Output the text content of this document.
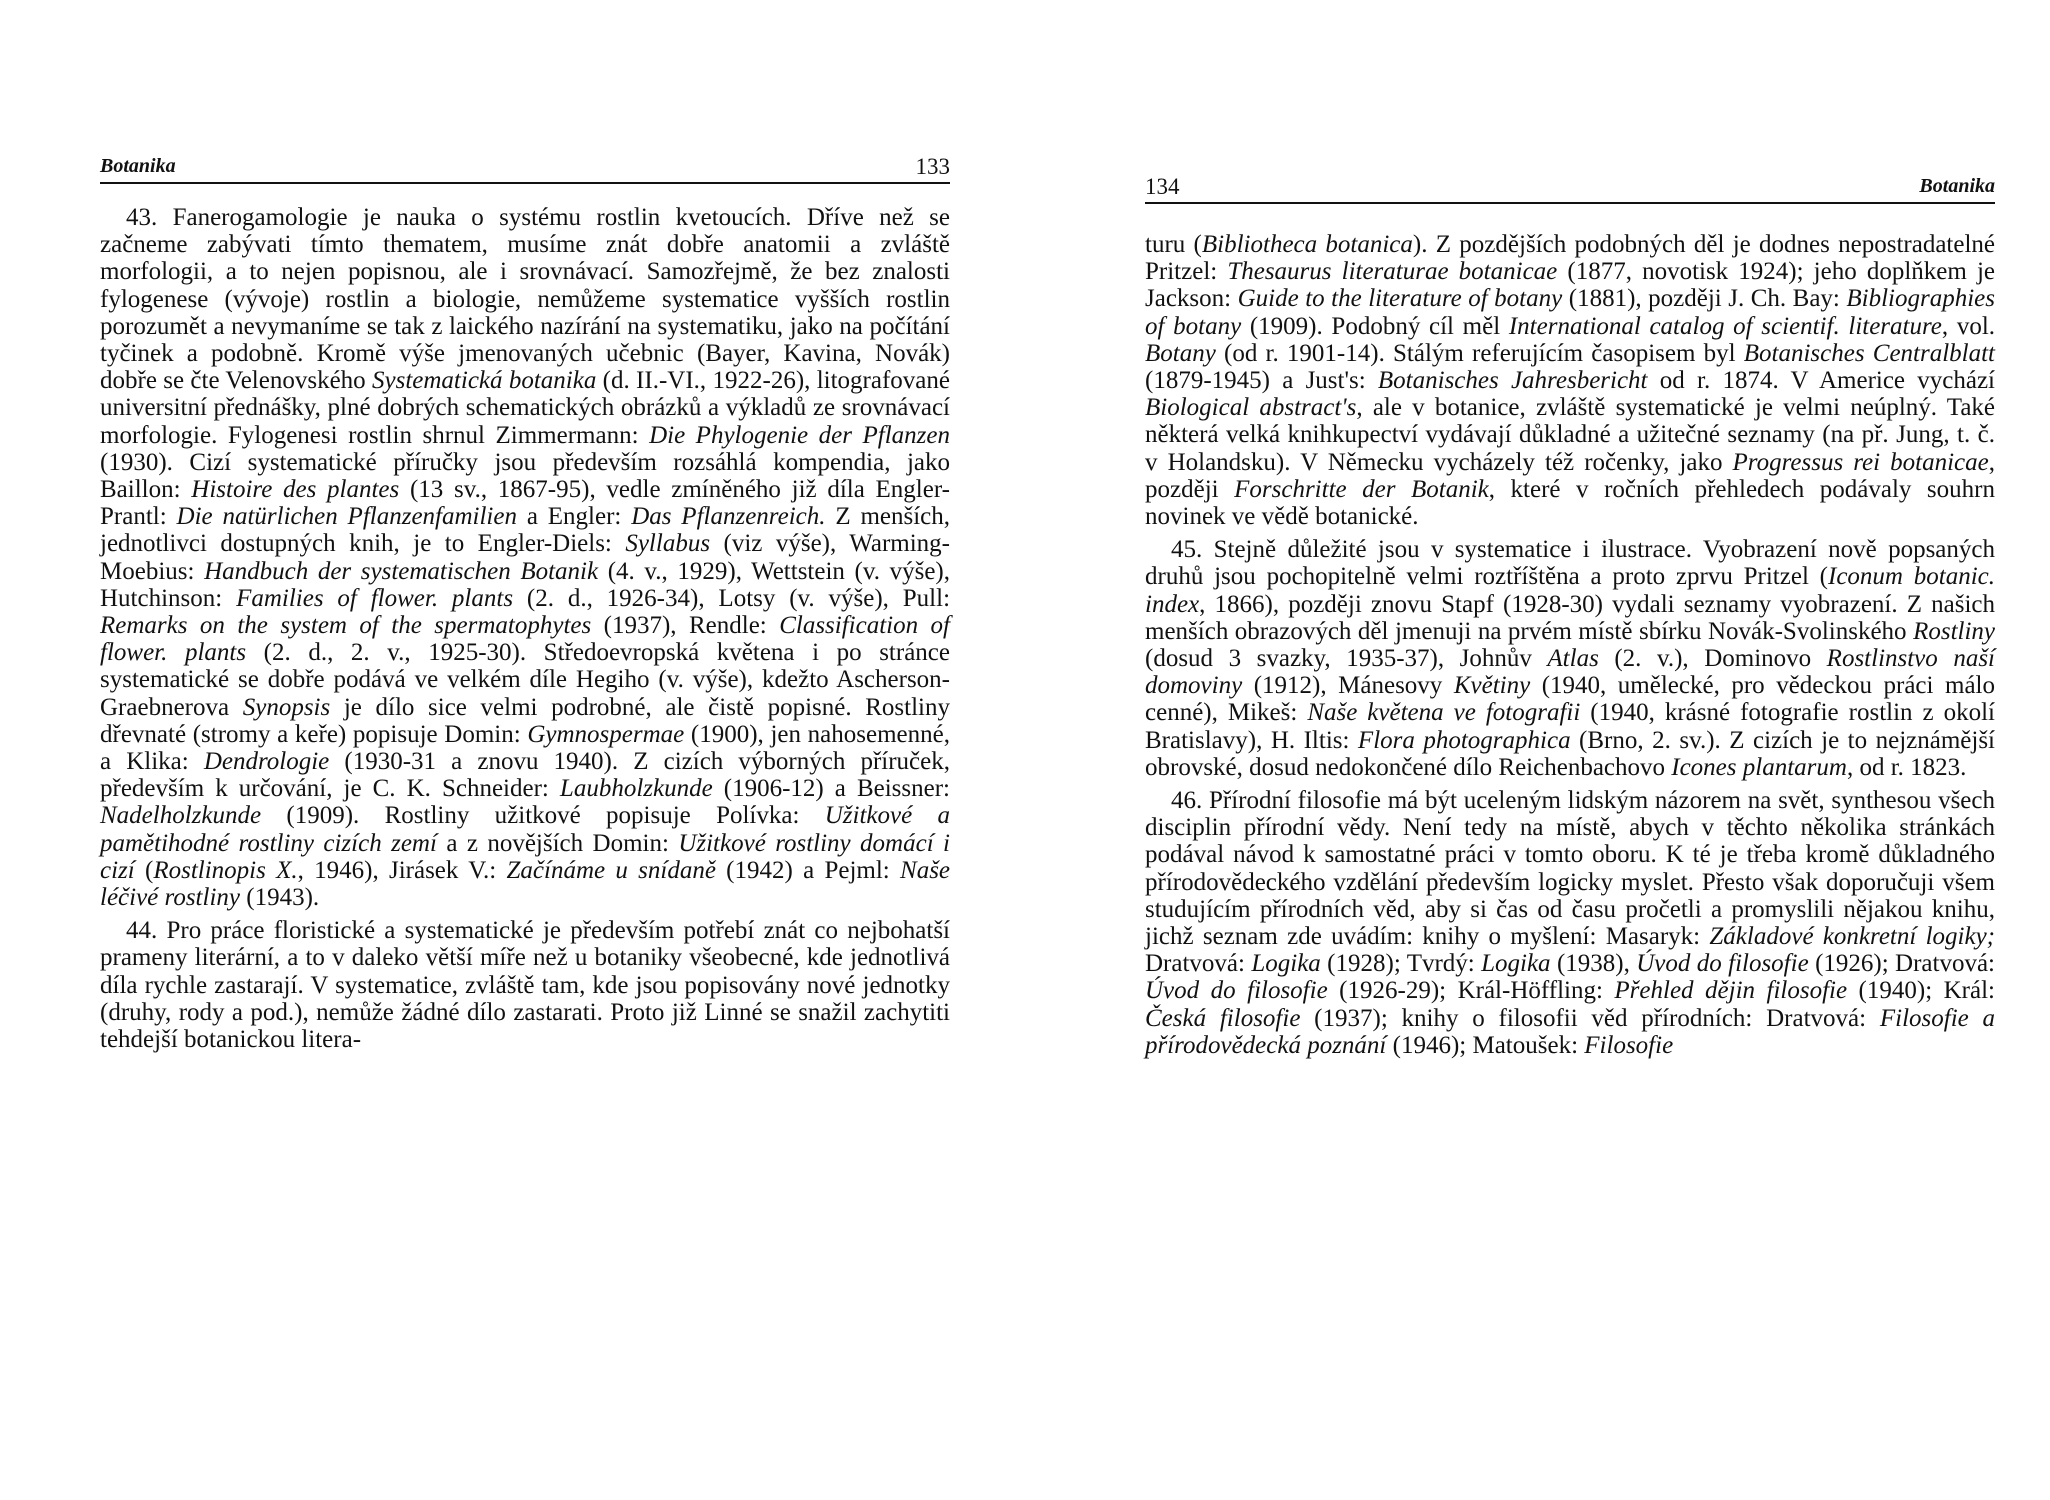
Botanika	133

43. Fanerogamologie je nauka o systému rostlin kvetoucích. Dříve než se začneme zabývati tímto thematem, musíme znát dobře anatomii a zvláště morfologii, a to nejen popisnou, ale i srovnávací. Samozřejmě, že bez znalosti fylogenese (vývoje) rostlin a biologie, nemůžeme systematice vyšších rostlin porozumět a nevymaníme se tak z laického nazírání na systematiku, jako na počítání tyčinek a podobně. Kromě výše jmenovaných učebnic (Bayer, Kavina, Novák) dobře se čte Velenovského Systematická botanika (d. II.-VI., 1922-26), litografované universitní přednášky, plné dobrých schematických obrázků a výkladů ze srovnávací morfologie. Fylogenesi rostlin shrnul Zimmermann: Die Phylogenie der Pflanzen (1930). Cizí systematické příručky jsou především rozsáhlá kompendia, jako Baillon: Histoire des plantes (13 sv., 1867-95), vedle zmíněného již díla Engler-Prantl: Die natürlichen Pflanzenfamilien a Engler: Das Pflanzenreich. Z menších, jednotlivci dostupných knih, je to Engler-Diels: Syllabus (viz výše), Warming-Moebius: Handbuch der systematischen Botanik (4. v., 1929), Wettstein (v. výše), Hutchinson: Families of flower. plants (2. d., 1926-34), Lotsy (v. výše), Pull: Remarks on the system of the spermatophytes (1937), Rendle: Classification of flower. plants (2. d., 2. v., 1925-30). Středoevropská květena i po stránce systematické se dobře podává ve velkém díle Hegiho (v. výše), kdežto Ascherson-Graebnerova Synopsis je dílo sice velmi podrobné, ale čistě popisné. Rostliny dřevnaté (stromy a keře) popisuje Domin: Gymnospermae (1900), jen nahosemenné, a Klika: Dendrologie (1930-31 a znovu 1940). Z cizích výborných příruček, především k určování, je C. K. Schneider: Laubholzkunde (1906-12) a Beissner: Nadelholzkunde (1909). Rostliny užitkové popisuje Polívka: Užitkové a pamětihodné rostliny cizích zemí a z novějších Domin: Užitkové rostliny domácí i cizí (Rostlinopis X., 1946), Jirásek V.: Začínáme u snídaně (1942) a Pejml: Naše léčivé rostliny (1943).

44. Pro práce floristické a systematické je především potřebí znát co nejbohatší prameny literární, a to v daleko větší míře než u botaniky všeobecné, kde jednotlivá díla rychle zastarají. V systematice, zvláště tam, kde jsou popisovány nové jednotky (druhy, rody a pod.), nemůže žádné dílo zastarati. Proto již Linné se snažil zachytiti tehdejší botanickou litera-

134	Botanika

turu (Bibliotheca botanica). Z pozdějších podobných děl je dodnes nepostradatelné Pritzel: Thesaurus literaturae botanicae (1877, novotisk 1924); jeho doplňkem je Jackson: Guide to the literature of botany (1881), později J. Ch. Bay: Bibliographies of botany (1909). Podobný cíl měl International catalog of scientif. literature, vol. Botany (od r. 1901-14). Stálým referujícím časopisem byl Botanisches Centralblatt (1879-1945) a Just's: Botanisches Jahresbericht od r. 1874. V Americe vychází Biological abstract's, ale v botanice, zvláště systematické je velmi neúplný. Také některá velká knihkupectví vydávají důkladné a užitečné seznamy (na př. Jung, t. č. v Holandsku). V Německu vycházely též ročenky, jako Progressus rei botanicae, později Forschritte der Botanik, které v ročních přehledech podávaly souhrn novinek ve vědě botanické.

45. Stejně důležité jsou v systematice i ilustrace. Vyobrazení nově popsaných druhů jsou pochopitelně velmi roztříštěna a proto zprvu Pritzel (Iconum botanic. index, 1866), později znovu Stapf (1928-30) vydali seznamy vyobrazení. Z našich menších obrazových děl jmenuji na prvém místě sbírku Novák-Svolinského Rostliny (dosud 3 svazky, 1935-37), Johnův Atlas (2. v.), Dominovo Rostlinstvo naší domoviny (1912), Mánesovy Květiny (1940, umělecké, pro vědeckou práci málo cenné), Mikeš: Naše květena ve fotografii (1940, krásné fotografie rostlin z okolí Bratislavy), H. Iltis: Flora photographica (Brno, 2. sv.). Z cizích je to nejznámější obrovské, dosud nedokončené dílo Reichenbachovo Icones plantarum, od r. 1823.

46. Přírodní filosofie má být uceleným lidským názorem na svět, synthesou všech disciplin přírodní vědy. Není tedy na místě, abych v těchto několika stránkách podával návod k samostatné práci v tomto oboru. K té je třeba kromě důkladného přírodovědeckého vzdělání především logicky myslet. Přesto však doporučuji všem studujícím přírodních věd, aby si čas od času pročetli a promyslili nějakou knihu, jichž seznam zde uvádím: knihy o myšlení: Masaryk: Základové konkretní logiky; Dratvová: Logika (1928); Tvrdý: Logika (1938), Úvod do filosofie (1926); Dratvová: Úvod do filosofie (1926-29); Král-Höffling: Přehled dějin filosofie (1940); Král: Česká filosofie (1937); knihy o filosofii věd přírodních: Dratvová: Filosofie a přírodovědecká poznání (1946); Matoušek: Filosofie
